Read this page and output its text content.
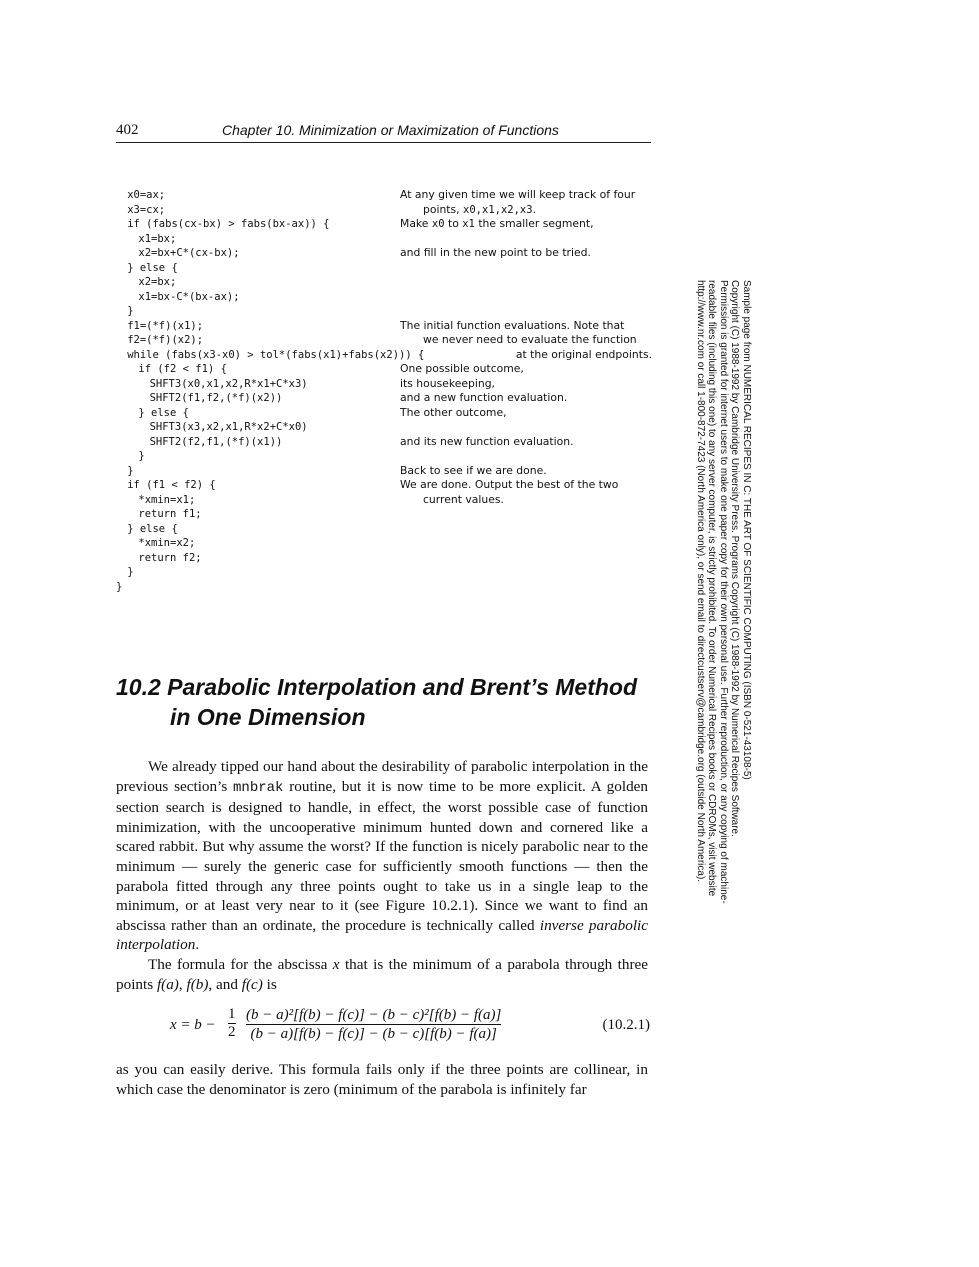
402	Chapter 10. Minimization or Maximization of Functions
x0=ax;	At any given time we will keep track of four
x3=cx;	points, x0,x1,x2,x3.
if (fabs(cx-bx) > fabs(bx-ax)) {	Make x0 to x1 the smaller segment,
x1=bx;
x2=bx+C*(cx-bx);	and fill in the new point to be tried.
} else {
x2=bx;
x1=bx-C*(bx-ax);
}
f1=(*f)(x1);	The initial function evaluations. Note that
f2=(*f)(x2);	we never need to evaluate the function
while (fabs(x3-x0) > tol*(fabs(x1)+fabs(x2))) {	at the original endpoints.
if (f2 < f1) {	One possible outcome,
SHFT3(x0,x1,x2,R*x1+C*x3)	its housekeeping,
SHFT2(f1,f2,(*f)(x2))	and a new function evaluation.
} else {	The other outcome,
SHFT3(x3,x2,x1,R*x2+C*x0)
SHFT2(f2,f1,(*f)(x1))	and its new function evaluation.
}
}	Back to see if we are done.
if (f1 < f2) {	We are done. Output the best of the two
*xmin=x1;	current values.
return f1;
} else {
*xmin=x2;
return f2;
}
}
10.2 Parabolic Interpolation and Brent’s Method
in One Dimension

We already tipped our hand about the desirability of parabolic interpolation in the previous section’s mnbrak routine, but it is now time to be more explicit. A golden section search is designed to handle, in effect, the worst possible case of function minimization, with the uncooperative minimum hunted down and cornered like a scared rabbit. But why assume the worst? If the function is nicely parabolic near to the minimum — surely the generic case for sufficiently smooth functions — then the parabola fitted through any three points ought to take us in a single leap to the minimum, or at least very near to it (see Figure 10.2.1). Since we want to find an abscissa rather than an ordinate, the procedure is technically called inverse parabolic interpolation.

The formula for the abscissa x that is the minimum of a parabola through three points f(a), f(b), and f(c) is

$x = b - \frac{1}{2} \frac{\text{(b − a)²[f(b) − f(c)] − (b − c)²[f(b) − f(a)]}}{(b - a)[f(b) - f(c)] - (b - c)[f(b) - f(a)]}$	(10.2.1)

as you can easily derive. This formula fails only if the three points are collinear, in which case the denominator is zero (minimum of the parabola is infinitely far

Sample page from NUMERICAL RECIPES IN C: THE ART OF SCIENTIFIC COMPUTING (ISBN 0-521-43108-5)
Copyright (C) 1988-1992 by Cambridge University Press. Programs Copyright (C) 1988-1992 by Numerical Recipes Software.
Permission is granted for internet users to make one paper copy for their own personal use. Further reproduction, or any copying of machine-
readable files (including this one) to any server computer, is strictly prohibited. To order Numerical Recipes books or CDROMs, visit website
http://www.nr.com or call 1-800-872-7423 (North America only), or send email to directcustserv@cambridge.org (outside North America).
